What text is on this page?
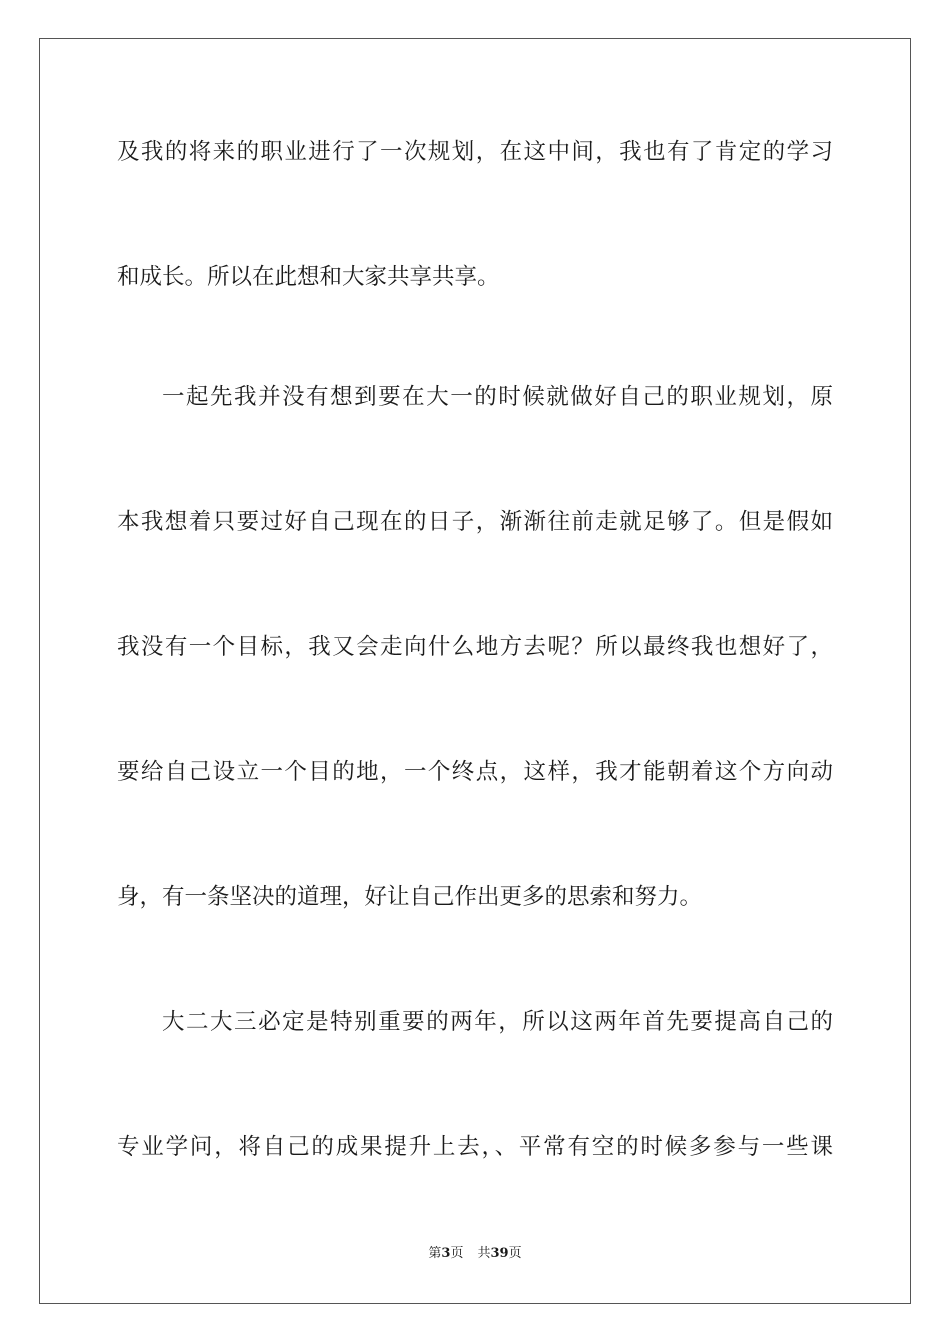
及我的将来的职业进行了一次规划，在这中间，我也有了肯定的学习

和成长。所以在此想和大家共享共享。

一起先我并没有想到要在大一的时候就做好自己的职业规划，原

本我想着只要过好自己现在的日子，渐渐往前走就足够了。但是假如

我没有一个目标，我又会走向什么地方去呢？所以最终我也想好了，

要给自己设立一个目的地，一个终点，这样，我才能朝着这个方向动

身，有一条坚决的道理，好让自己作出更多的思索和努力。

大二大三必定是特别重要的两年，所以这两年首先要提高自己的

专业学问，将自己的成果提升上去，、平常有空的时候多参与一些课

第3页 共39页
